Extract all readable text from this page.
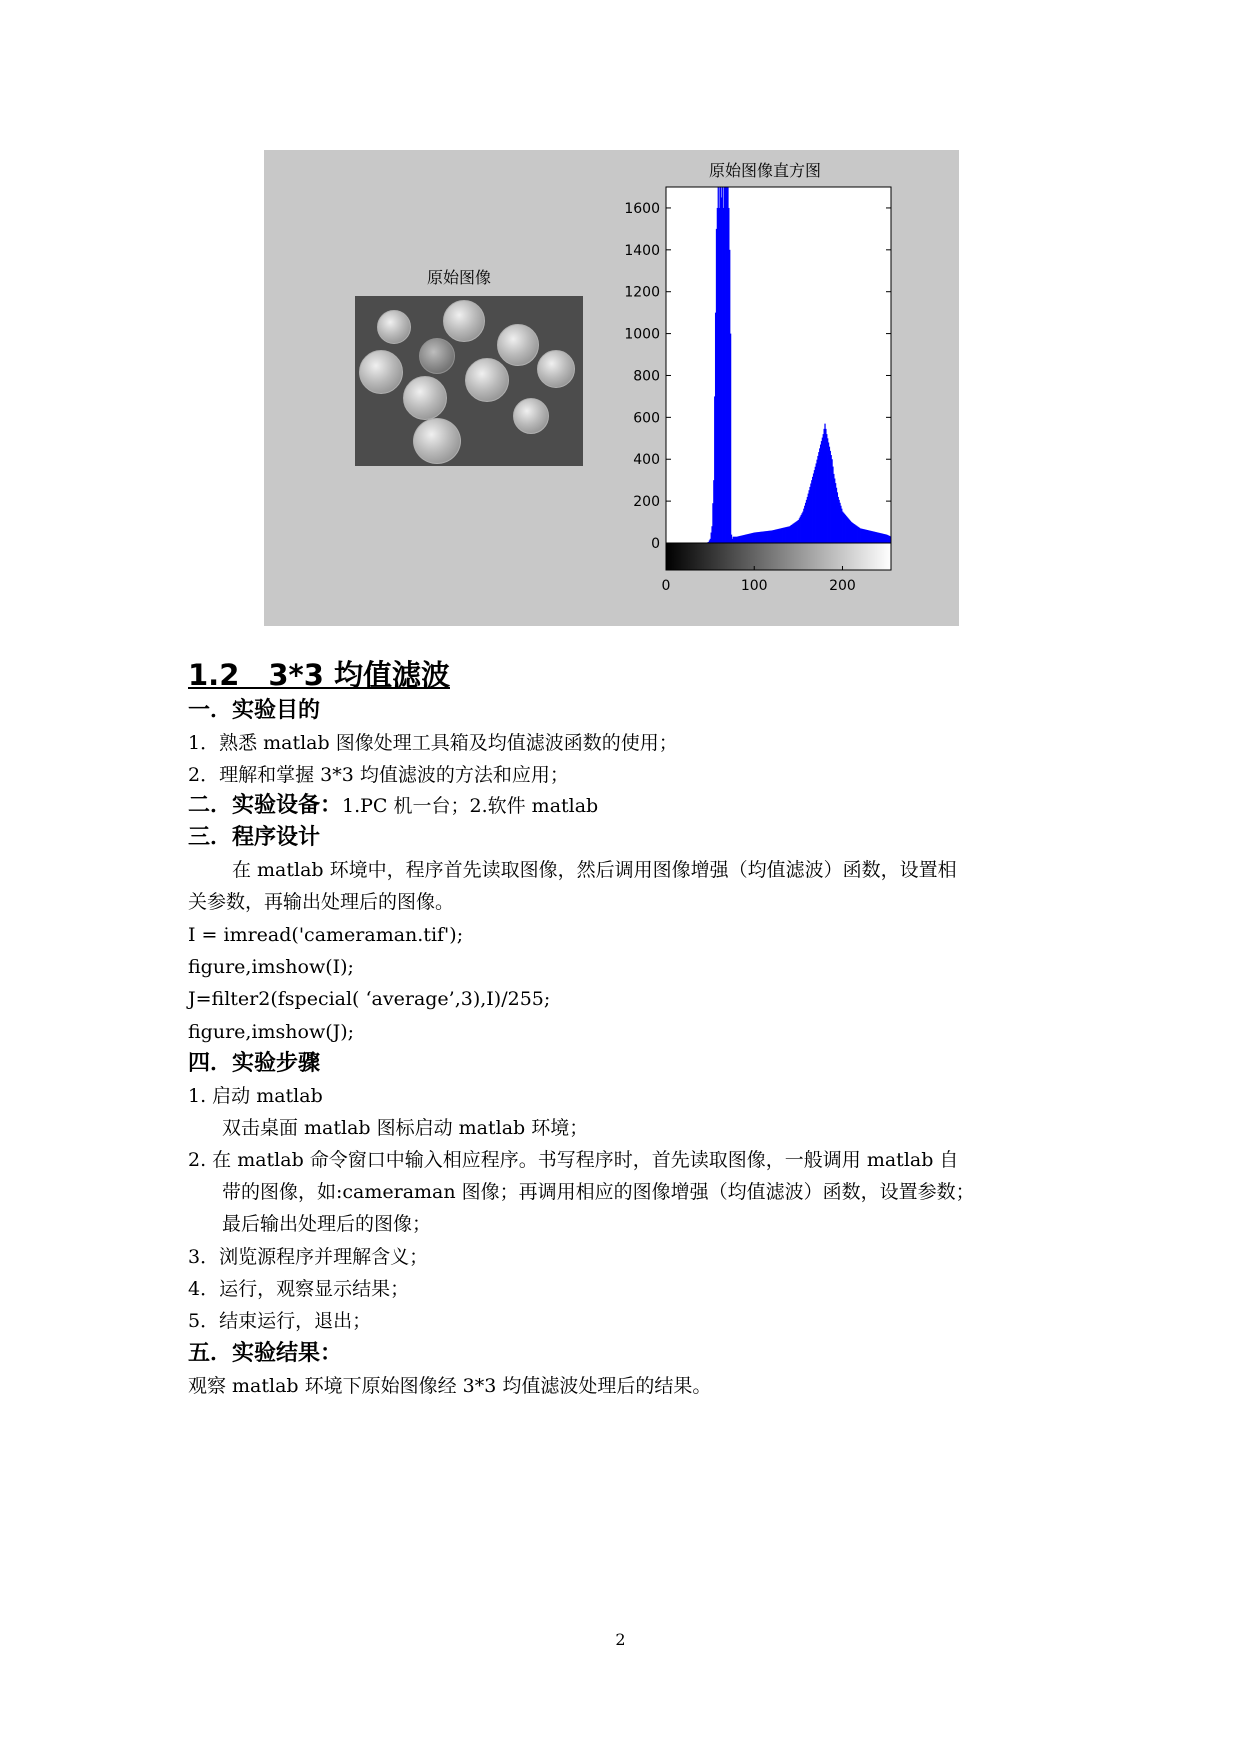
原始图像
原始图像直方图
0
200
400
600
800
1000
1200
1400
1600
0	100	200
1.2　3*3 均值滤波
一．实验目的
1．熟悉 matlab 图像处理工具箱及均值滤波函数的使用；
2．理解和掌握 3*3 均值滤波的方法和应用；
二．实验设备：1.PC 机一台；2.软件 matlab
三．程序设计
在 matlab 环境中，程序首先读取图像，然后调用图像增强（均值滤波）函数，设置相
关参数，再输出处理后的图像。
I = imread('cameraman.tif');
figure,imshow(I);
J=filter2(fspecial( ‘average’,3),I)/255;
figure,imshow(J);
四．实验步骤
1. 启动 matlab
双击桌面 matlab 图标启动 matlab 环境；
2. 在 matlab 命令窗口中输入相应程序。书写程序时，首先读取图像，一般调用 matlab 自
带的图像，如:cameraman 图像；再调用相应的图像增强（均值滤波）函数，设置参数；
最后输出处理后的图像；
3．浏览源程序并理解含义；
4．运行，观察显示结果；
5．结束运行，退出；
五．实验结果：
观察 matlab 环境下原始图像经 3*3 均值滤波处理后的结果。
2
